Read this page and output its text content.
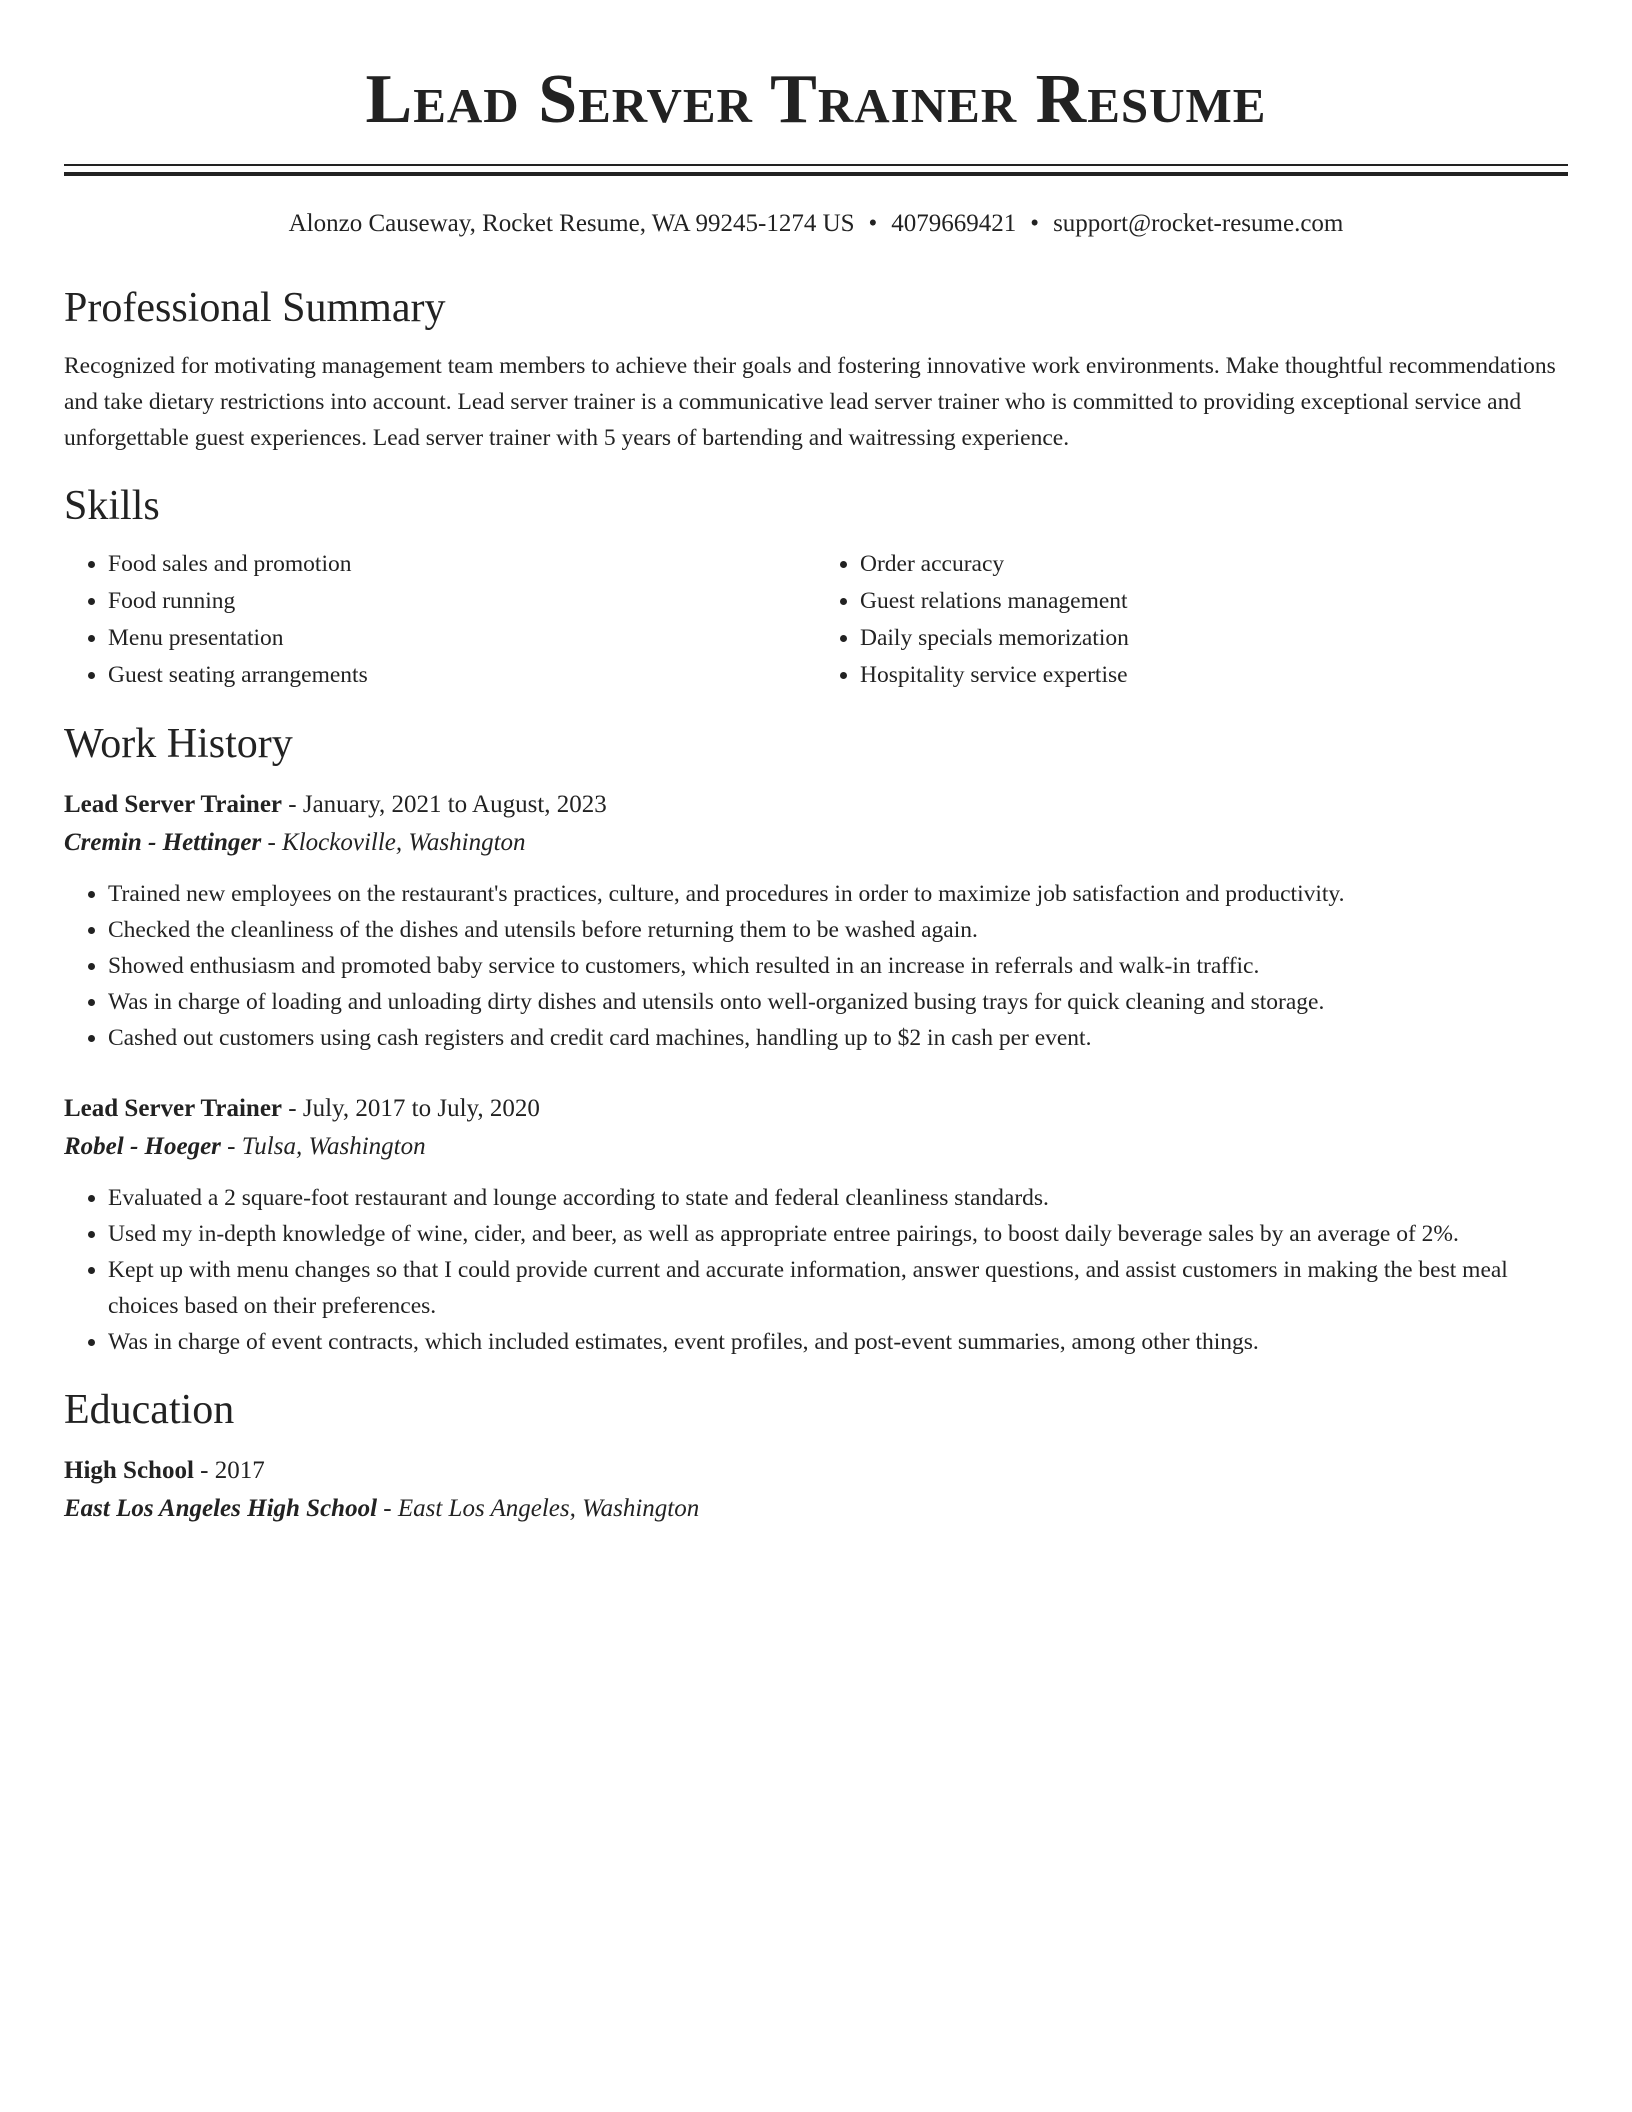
Lead Server Trainer Resume
Alonzo Causeway, Rocket Resume, WA 99245-1274 US • 4079669421 • support@rocket-resume.com
Professional Summary
Recognized for motivating management team members to achieve their goals and fostering innovative work environments. Make thoughtful recommendations and take dietary restrictions into account. Lead server trainer is a communicative lead server trainer who is committed to providing exceptional service and unforgettable guest experiences. Lead server trainer with 5 years of bartending and waitressing experience.
Skills
• Food sales and promotion
• Food running
• Menu presentation
• Guest seating arrangements
• Order accuracy
• Guest relations management
• Daily specials memorization
• Hospitality service expertise
Work History
Lead Server Trainer - January, 2021 to August, 2023
Cremin - Hettinger - Klockoville, Washington
• Trained new employees on the restaurant's practices, culture, and procedures in order to maximize job satisfaction and productivity.
• Checked the cleanliness of the dishes and utensils before returning them to be washed again.
• Showed enthusiasm and promoted baby service to customers, which resulted in an increase in referrals and walk-in traffic.
• Was in charge of loading and unloading dirty dishes and utensils onto well-organized busing trays for quick cleaning and storage.
• Cashed out customers using cash registers and credit card machines, handling up to $2 in cash per event.
Lead Server Trainer - July, 2017 to July, 2020
Robel - Hoeger - Tulsa, Washington
• Evaluated a 2 square-foot restaurant and lounge according to state and federal cleanliness standards.
• Used my in-depth knowledge of wine, cider, and beer, as well as appropriate entree pairings, to boost daily beverage sales by an average of 2%.
• Kept up with menu changes so that I could provide current and accurate information, answer questions, and assist customers in making the best meal choices based on their preferences.
• Was in charge of event contracts, which included estimates, event profiles, and post-event summaries, among other things.
Education
High School - 2017
East Los Angeles High School - East Los Angeles, Washington
